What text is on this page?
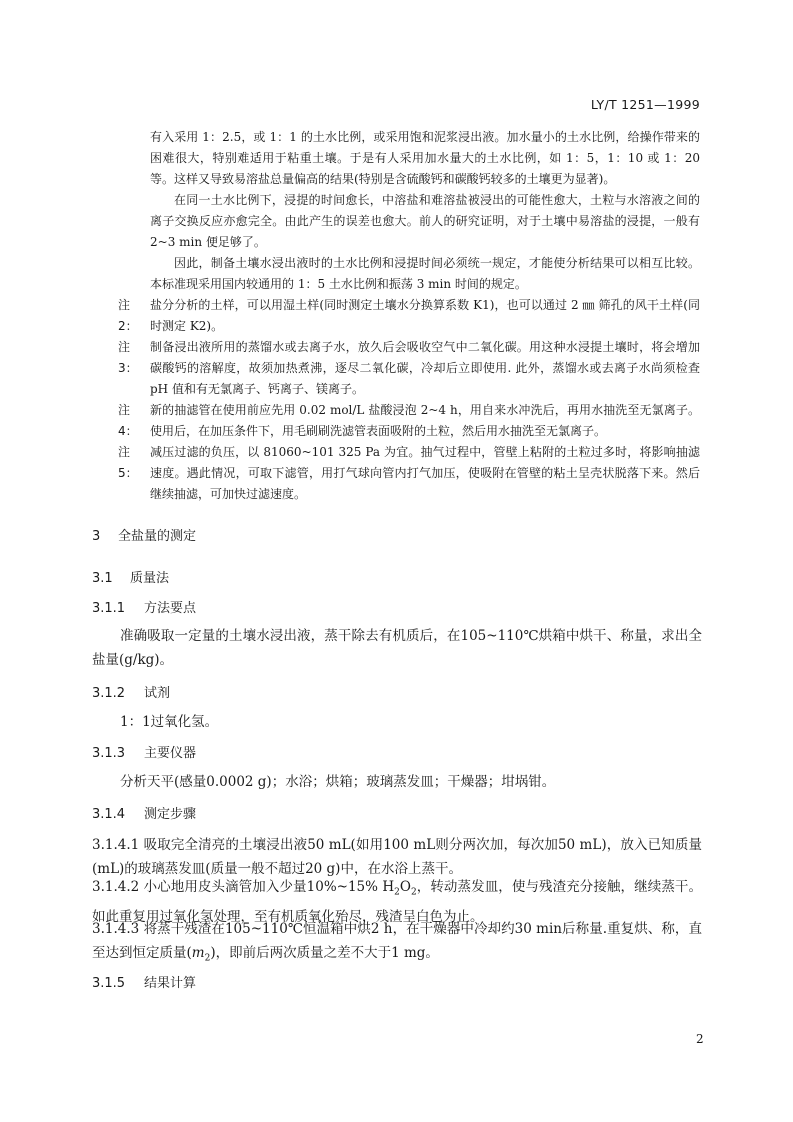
LY/T 1251—1999

有入采用 1：2.5，或 1：1 的土水比例，或采用饱和泥浆浸出液。加水量小的土水比例，给操作带来的困难很大，特别难适用于粘重土壤。于是有人采用加水量大的土水比例，如 1：5，1：10 或 1：20 等。这样又导致易溶盐总量偏高的结果(特别是含硫酸钙和碳酸钙较多的土壤更为显著)。

在同一土水比例下，浸提的时间愈长，中溶盐和难溶盐被浸出的可能性愈大，土粒与水溶液之间的离子交换反应亦愈完全。由此产生的误差也愈大。前人的研究证明，对于土壤中易溶盐的浸提，一般有 2~3 min 便足够了。

因此，制备土壤水浸出液时的土水比例和浸提时间必须统一规定，才能使分析结果可以相互比较。本标准现采用国内较通用的 1：5 土水比例和振荡 3 min 时间的规定。

注 2：
盐分分析的土样，可以用湿土样(同时测定土壤水分换算系数 K1)，也可以通过 2 ㎜ 筛孔的风干土样(同时测定 K2)。
注 3：
制备浸出液所用的蒸馏水或去离子水，放久后会吸收空气中二氧化碳。用这种水浸提土壤时，将会增加碳酸钙的溶解度，故须加热煮沸，逐尽二氧化碳，冷却后立即使用. 此外，蒸馏水或去离子水尚须检查 pH 值和有无氯离子、钙离子、镁离子。
注 4：
新的抽滤管在使用前应先用 0.02 mol/L 盐酸浸泡 2~4 h，用自来水冲洗后，再用水抽洗至无氯离子。使用后，在加压条件下，用毛刷刷洗滤管表面吸附的土粒，然后用水抽洗至无氯离子。
注 5：
减压过滤的负压，以 81060~101 325 Pa 为宜。抽气过程中，管壁上粘附的土粒过多时，将影响抽滤速度。遇此情况，可取下滤管，用打气球向管内打气加压，使吸附在管壁的粘土呈壳状脱落下来。然后继续抽滤，可加快过滤速度。
3 全盐量的测定
3.1 质量法
3.1.1 方法要点

准确吸取一定量的土壤水浸出液，蒸干除去有机质后，在105~110℃烘箱中烘干、称量，求出全盐量(g/kg)。

3.1.2 试剂

1：1过氧化氢。

3.1.3 主要仪器

分析天平(感量0.0002 g)；水浴；烘箱；玻璃蒸发皿；干燥器；坩埚钳。

3.1.4 测定步骤

3.1.4.1 吸取完全清亮的土壤浸出液50 mL(如用100 mL则分两次加，每次加50 mL)，放入已知质量(mL)的玻璃蒸发皿(质量一般不超过20 g)中，在水浴上蒸干。

3.1.4.2 小心地用皮头滴管加入少量10%~15% $H_2O_2$，转动蒸发皿，使与残渣充分接触，继续蒸干。如此重复用过氧化氢处理，至有机质氧化殆尽，残渣呈白色为止。

3.1.4.3 将蒸干残渣在105~110℃恒温箱中烘2 h，在干燥器中冷却约30 min后称量.重复烘、称，直至达到恒定质量$(m_2)$，即前后两次质量之差不大于1 mg。

3.1.5 结果计算
2
